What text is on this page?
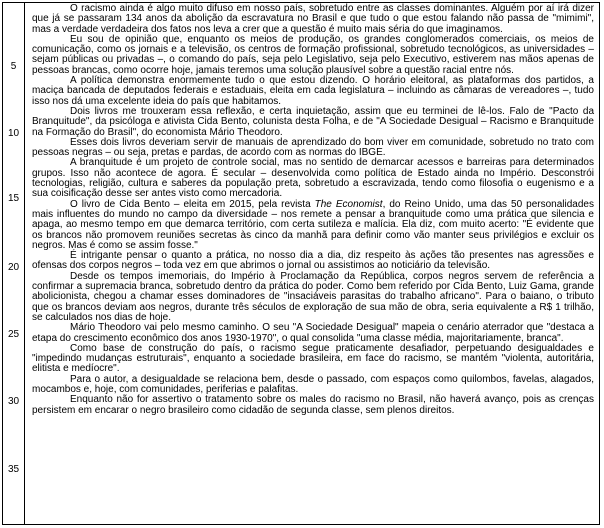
5
10
15
20
25
30
35

O racismo ainda é algo muito difuso em nosso país, sobretudo entre as classes dominantes. Alguém por aí irá dizer que já se passaram 134 anos da abolição da escravatura no Brasil e que tudo o que estou falando não passa de "mimimi", mas a verdade verdadeira dos fatos nos leva a crer que a questão é muito mais séria do que imaginamos.

Eu sou de opinião que, enquanto os meios de produção, os grandes conglomerados comerciais, os meios de comunicação, como os jornais e a televisão, os centros de formação profissional, sobretudo tecnológicos, as universidades – sejam públicas ou privadas –, o comando do país, seja pelo Legislativo, seja pelo Executivo, estiverem nas mãos apenas de pessoas brancas, como ocorre hoje, jamais teremos uma solução plausível sobre a questão racial entre nós.

A política demonstra enormemente tudo o que estou dizendo. O horário eleitoral, as plataformas dos partidos, a maciça bancada de deputados federais e estaduais, eleita em cada legislatura – incluindo as câmaras de vereadores –, tudo isso nos dá uma excelente ideia do país que habitamos.

Dois livros me trouxeram essa reflexão, e certa inquietação, assim que eu terminei de lê-los. Falo de "Pacto da Branquitude", da psicóloga e ativista Cida Bento, colunista desta Folha, e de "A Sociedade Desigual – Racismo e Branquitude na Formação do Brasil", do economista Mário Theodoro.

Esses dois livros deveriam servir de manuais de aprendizado do bom viver em comunidade, sobretudo no trato com pessoas negras – ou seja, pretas e pardas, de acordo com as normas do IBGE.

A branquitude é um projeto de controle social, mas no sentido de demarcar acessos e barreiras para determinados grupos. Isso não acontece de agora. É secular – desenvolvida como política de Estado ainda no Império. Desconstrói tecnologias, religião, cultura e saberes da população preta, sobretudo a escravizada, tendo como filosofia o eugenismo e a sua coisificação desse ser antes visto como mercadoria.

O livro de Cida Bento – eleita em 2015, pela revista The Economist, do Reino Unido, uma das 50 personalidades mais influentes do mundo no campo da diversidade – nos remete a pensar a branquitude como uma prática que silencia e apaga, ao mesmo tempo em que demarca território, com certa sutileza e malícia. Ela diz, com muito acerto: "É evidente que os brancos não promovem reuniões secretas às cinco da manhã para definir como vão manter seus privilégios e excluir os negros. Mas é como se assim fosse."

É intrigante pensar o quanto a prática, no nosso dia a dia, diz respeito às ações tão presentes nas agressões e ofensas dos corpos negros – toda vez em que abrimos o jornal ou assistimos ao noticiário da televisão.

Desde os tempos imemoriais, do Império à Proclamação da República, corpos negros servem de referência a confirmar a supremacia branca, sobretudo dentro da prática do poder. Como bem referido por Cida Bento, Luiz Gama, grande abolicionista, chegou a chamar esses dominadores de "insaciáveis parasitas do trabalho africano". Para o baiano, o tributo que os brancos deviam aos negros, durante três séculos de exploração de sua mão de obra, seria equivalente a R$ 1 trilhão, se calculados nos dias de hoje.

Mário Theodoro vai pelo mesmo caminho. O seu "A Sociedade Desigual" mapeia o cenário aterrador que "destaca a etapa do crescimento econômico dos anos 1930-1970", o qual consolida "uma classe média, majoritariamente, branca".

Como base de construção do país, o racismo segue praticamente desafiador, perpetuando desigualdades e "impedindo mudanças estruturais", enquanto a sociedade brasileira, em face do racismo, se mantém "violenta, autoritária, elitista e medíocre".

Para o autor, a desigualdade se relaciona bem, desde o passado, com espaços como quilombos, favelas, alagados, mocambos e, hoje, com comunidades, periferias e palafitas.

Enquanto não for assertivo o tratamento sobre os males do racismo no Brasil, não haverá avanço, pois as crenças persistem em encarar o negro brasileiro como cidadão de segunda classe, sem plenos direitos.
